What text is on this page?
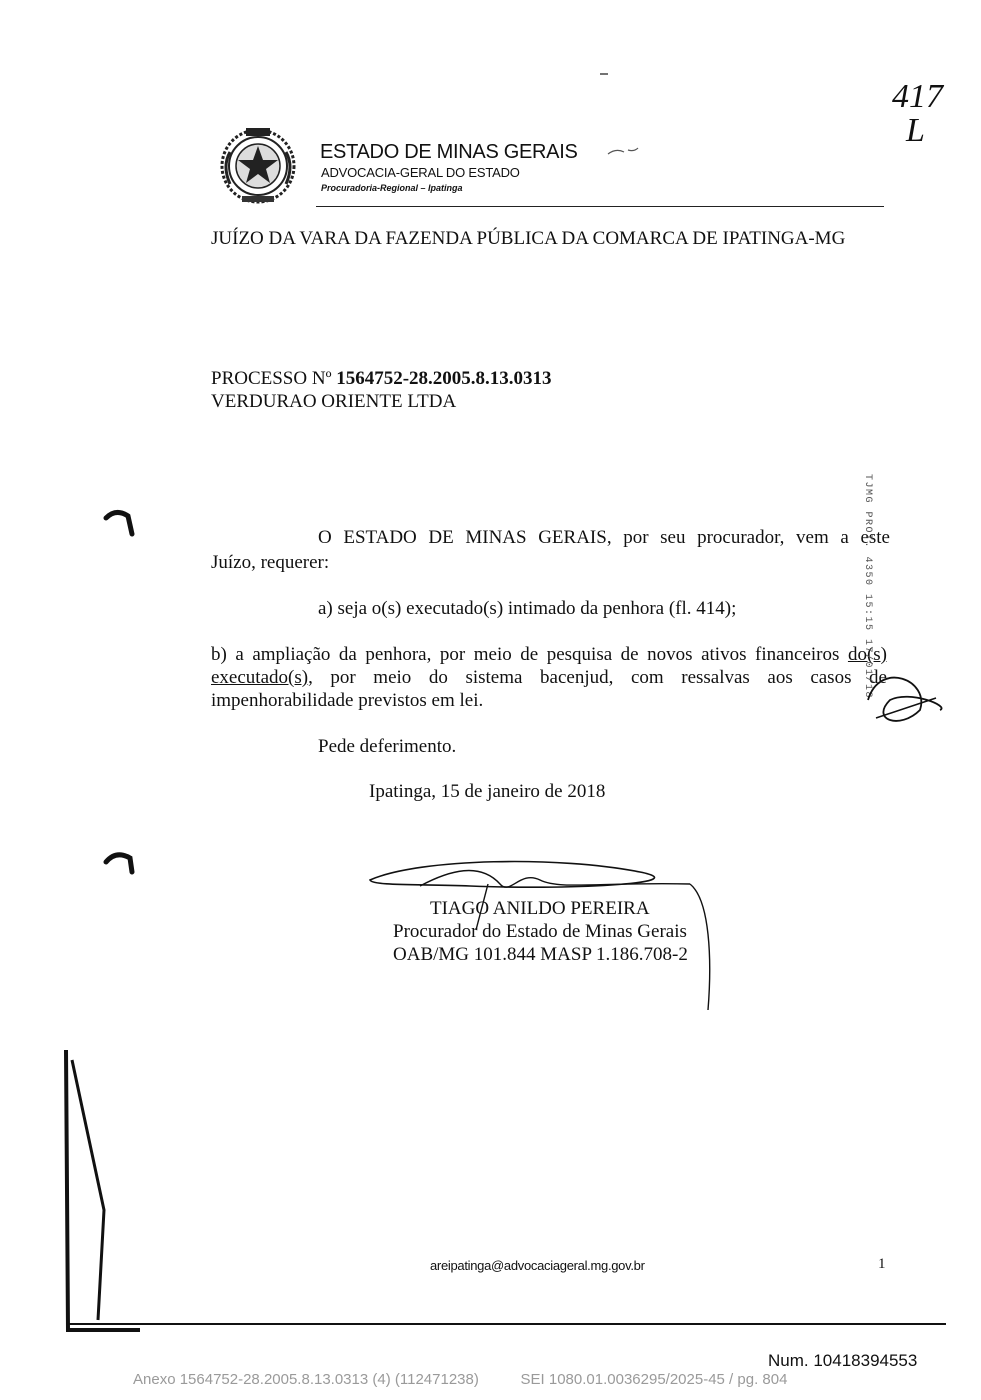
ESTADO DE MINAS GERAIS
ADVOCACIA-GERAL DO ESTADO
Procuradoria-Regional – Ipatinga
417
L
JUÍZO DA VARA DA FAZENDA PÚBLICA DA COMARCA DE IPATINGA-MG
PROCESSO Nº 1564752-28.2005.8.13.0313
VERDURAO ORIENTE LTDA
O ESTADO DE MINAS GERAIS, por seu procurador, vem a este
Juízo, requerer:
a) seja o(s) executado(s) intimado da penhora (fl. 414);
b) a ampliação da penhora, por meio de pesquisa de novos ativos financeiros do(s) executado(s), por meio do sistema bacenjud, com ressalvas aos casos de impenhorabilidade previstos em lei.
Pede deferimento.
Ipatinga, 15 de janeiro de 2018
TIAGO ANILDO PEREIRA
Procurador do Estado de Minas Gerais
OAB/MG 101.844 MASP 1.186.708-2
TJMG PROT. 4350 15:15 17/01/18
areipatinga@advocaciageral.mg.gov.br	1
Num. 10418394553
Anexo 1564752-28.2005.8.13.0313 (4) (112471238)	SEI 1080.01.0036295/2025-45 / pg. 804
